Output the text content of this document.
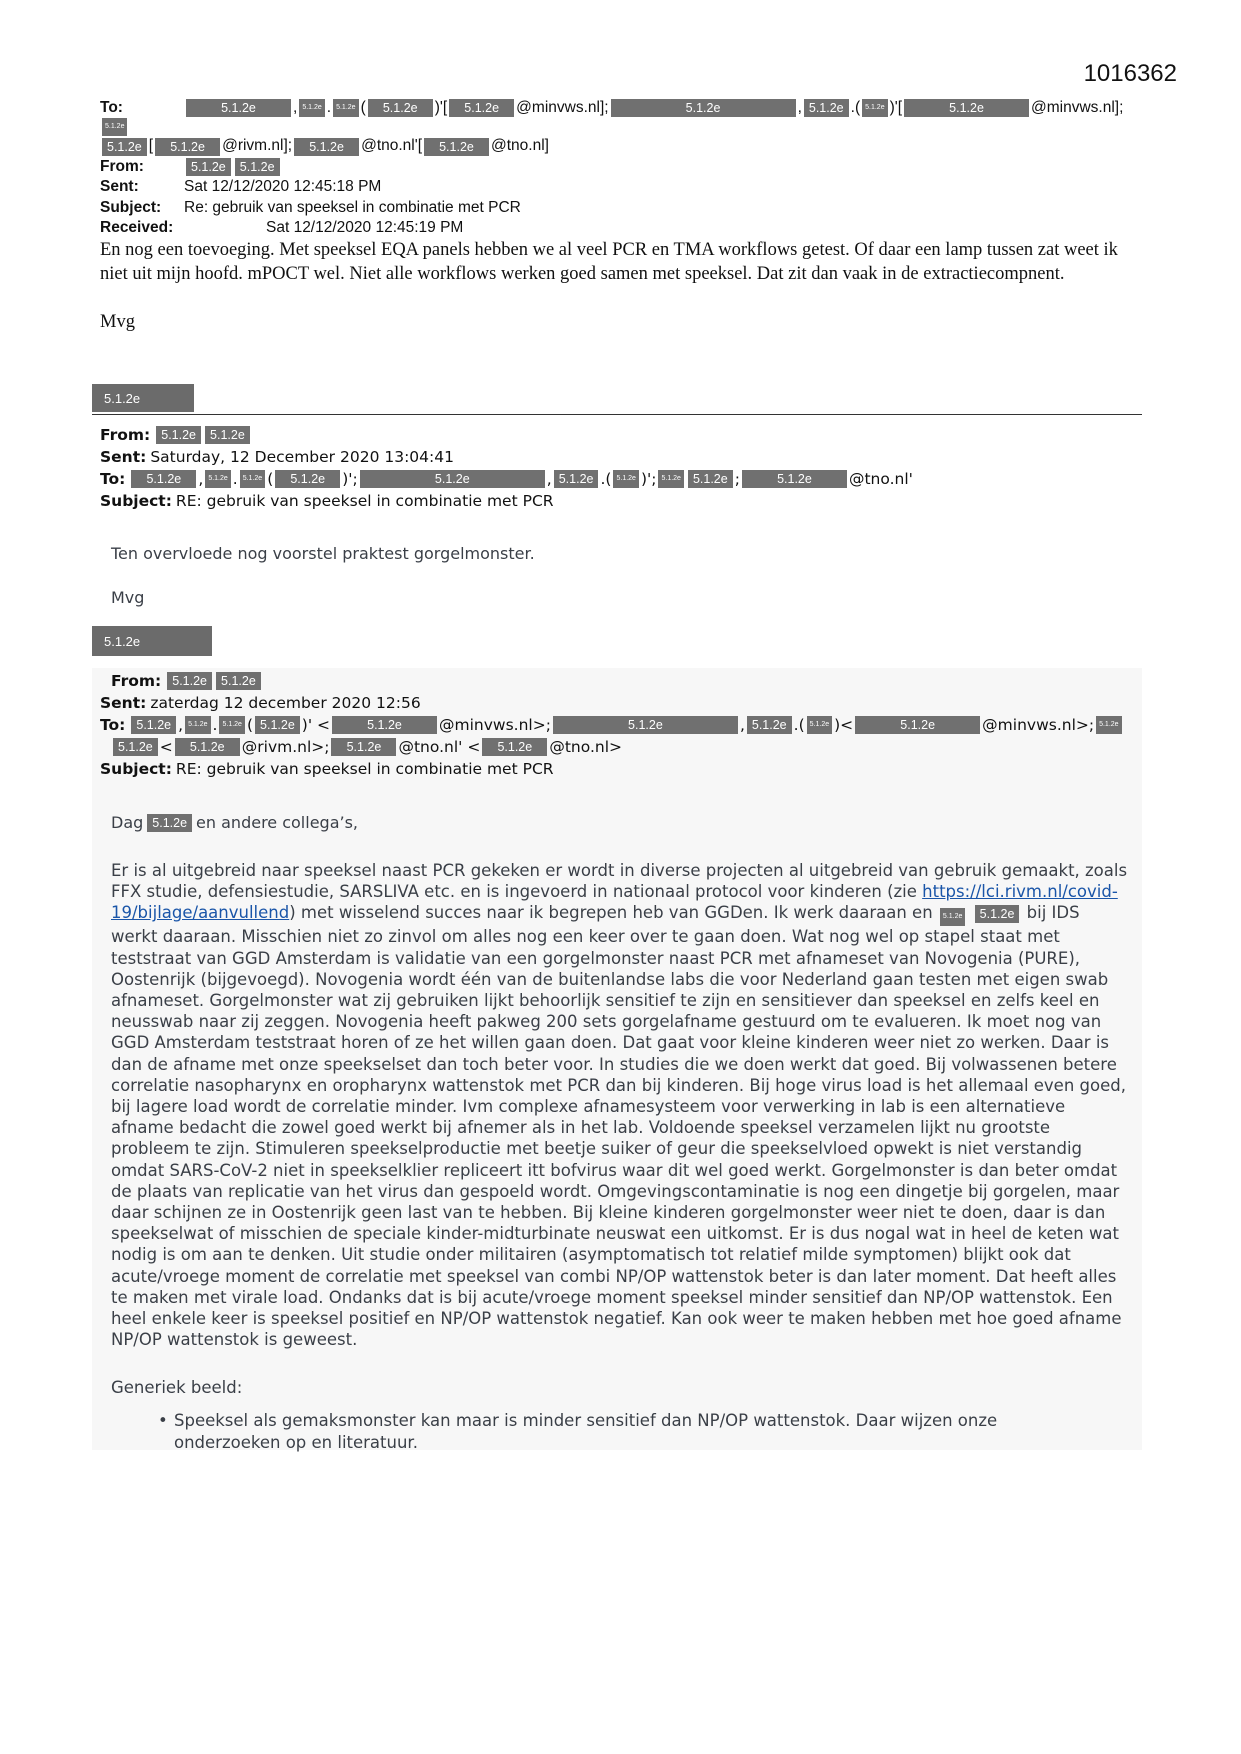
1016362
To:	5.1.2e	, 5.1.2e . 5.1.2e (	5.1.2e	)'[	5.1.2e	@minvws.nl];	5.1.2e	, 5.1.2e . ( 5.1.2e )'[	5.1.2e	@minvws.nl];
5.1.2e
5.1.2e [	5.1.2e	@rivm.nl];	5.1.2e	@tno.nl'[	5.1.2e	@tno.nl]
From:	5.1.2e	5.1.2e
Sent:	Sat 12/12/2020 12:45:18 PM
Subject:	Re: gebruik van speeksel in combinatie met PCR
Received:	Sat 12/12/2020 12:45:19 PM

En nog een toevoeging. Met speeksel EQA panels hebben we al veel PCR en TMA workflows getest. Of daar een lamp tussen zat weet ik niet uit mijn hoofd. mPOCT wel. Niet alle workflows werken goed samen met speeksel. Dat zit dan vaak in de extractiecompnent.

Mvg

5.1.2e
From: 5.1.2e	5.1.2e
Sent: Saturday, 12 December 2020 13:04:41
To:	5.1.2e	, 5.1.2e . 5.1.2e (	5.1.2e	)';	5.1.2e	, 5.1.2e . ( 5.1.2e )'; 5.1.2e 5.1.2e ;	5.1.2e	@tno.nl'
Subject: RE: gebruik van speeksel in combinatie met PCR
Ten overvloede nog voorstel praktest gorgelmonster.
Mvg
5.1.2e
From: 5.1.2e	5.1.2e
Sent: zaterdag 12 december 2020 12:56
To: 5.1.2e , 5.1.2e . 5.1.2e ( 5.1.2e )' <	5.1.2e	@minvws.nl>;	5.1.2e	, 5.1.2e . ( 5.1.2e ) <	5.1.2e	@minvws.nl>; 5.1.2e
5.1.2e <	5.1.2e	@rivm.nl>;	5.1.2e	@tno.nl' <	5.1.2e	@tno.nl>
Subject: RE: gebruik van speeksel in combinatie met PCR
Dag 5.1.2e en andere collega’s,
Er is al uitgebreid naar speeksel naast PCR gekeken er wordt in diverse projecten al uitgebreid van gebruik gemaakt, zoals FFX studie, defensiestudie, SARSLIVA etc. en is ingevoerd in nationaal protocol voor kinderen (zie https://lci.rivm.nl/covid-19/bijlage/aanvullend) met wisselend succes naar ik begrepen heb van GGDen. Ik werk daaraan en 5.1.2e 5.1.2e bij IDS werkt daaraan. Misschien niet zo zinvol om alles nog een keer over te gaan doen. Wat nog wel op stapel staat met teststraat van GGD Amsterdam is validatie van een gorgelmonster naast PCR met afnameset van Novogenia (PURE), Oostenrijk (bijgevoegd). Novogenia wordt één van de buitenlandse labs die voor Nederland gaan testen met eigen swab afnameset. Gorgelmonster wat zij gebruiken lijkt behoorlijk sensitief te zijn en sensitiever dan speeksel en zelfs keel en neusswab naar zij zeggen. Novogenia heeft pakweg 200 sets gorgelafname gestuurd om te evalueren. Ik moet nog van GGD Amsterdam teststraat horen of ze het willen gaan doen. Dat gaat voor kleine kinderen weer niet zo werken. Daar is dan de afname met onze speekselset dan toch beter voor. In studies die we doen werkt dat goed. Bij volwassenen betere correlatie nasopharynx en oropharynx wattenstok met PCR dan bij kinderen. Bij hoge virus load is het allemaal even goed, bij lagere load wordt de correlatie minder. Ivm complexe afnamesysteem voor verwerking in lab is een alternatieve afname bedacht die zowel goed werkt bij afnemer als in het lab. Voldoende speeksel verzamelen lijkt nu grootste probleem te zijn. Stimuleren speekselproductie met beetje suiker of geur die speekselvloed opwekt is niet verstandig omdat SARS-CoV-2 niet in speekselklier repliceert itt bofvirus waar dit wel goed werkt. Gorgelmonster is dan beter omdat de plaats van replicatie van het virus dan gespoeld wordt. Omgevingscontaminatie is nog een dingetje bij gorgelen, maar daar schijnen ze in Oostenrijk geen last van te hebben. Bij kleine kinderen gorgelmonster weer niet te doen, daar is dan speekselwat of misschien de speciale kinder-midturbinate neuswat een uitkomst. Er is dus nogal wat in heel de keten wat nodig is om aan te denken. Uit studie onder militairen (asymptomatisch tot relatief milde symptomen) blijkt ook dat acute/vroege moment de correlatie met speeksel van combi NP/OP wattenstok beter is dan later moment. Dat heeft alles te maken met virale load. Ondanks dat is bij acute/vroege moment speeksel minder sensitief dan NP/OP wattenstok. Een heel enkele keer is speeksel positief en NP/OP wattenstok negatief. Kan ook weer te maken hebben met hoe goed afname NP/OP wattenstok is geweest.
Generiek beeld:
• Speeksel als gemaksmonster kan maar is minder sensitief dan NP/OP wattenstok. Daar wijzen onze onderzoeken op en literatuur.
